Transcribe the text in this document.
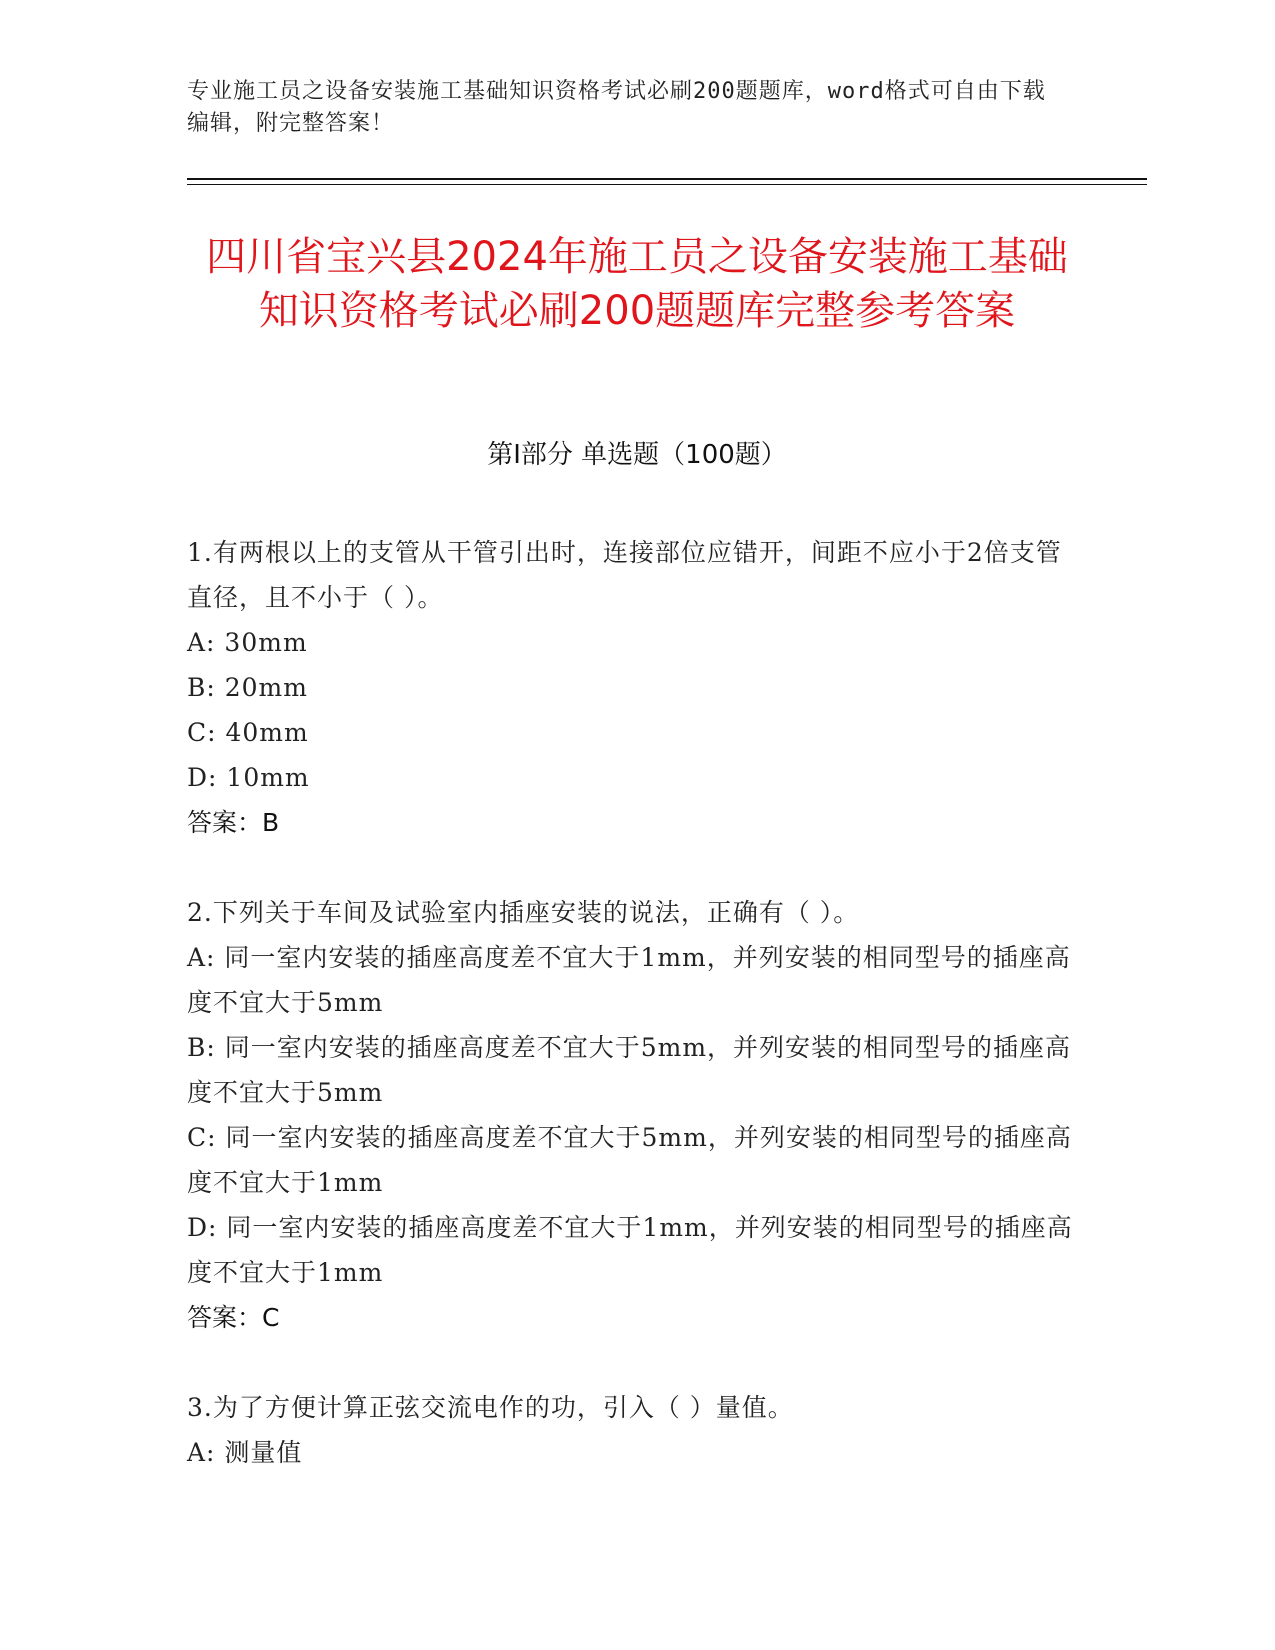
专业施工员之设备安装施工基础知识资格考试必刷200题题库，word格式可自由下载编辑，附完整答案！
四川省宝兴县2024年施工员之设备安装施工基础知识资格考试必刷200题题库完整参考答案
第Ⅰ部分 单选题（100题）

1.有两根以上的支管从干管引出时，连接部位应错开，间距不应小于2倍支管直径，且不小于（ ）。

A: 30mm

B: 20mm

C: 40mm

D: 10mm

答案：B

2.下列关于车间及试验室内插座安装的说法，正确有（ ）。

A: 同一室内安装的插座高度差不宜大于1mm，并列安装的相同型号的插座高度不宜大于5mm

B: 同一室内安装的插座高度差不宜大于5mm，并列安装的相同型号的插座高度不宜大于5mm

C: 同一室内安装的插座高度差不宜大于5mm，并列安装的相同型号的插座高度不宜大于1mm

D: 同一室内安装的插座高度差不宜大于1mm，并列安装的相同型号的插座高度不宜大于1mm

答案：C

3.为了方便计算正弦交流电作的功，引入（ ）量值。

A: 测量值
